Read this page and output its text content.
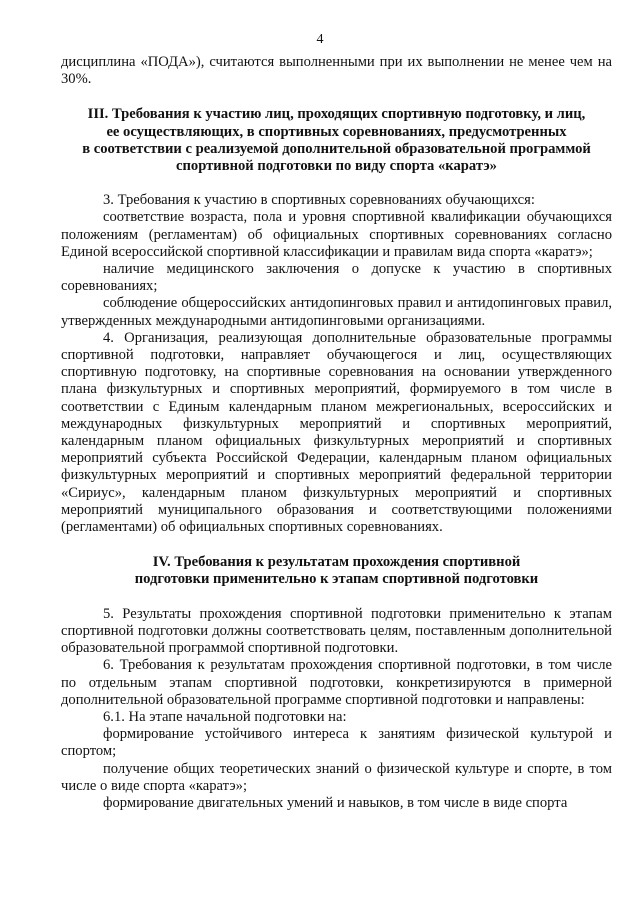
4

дисциплина «ПОДА»), считаются выполненными при их выполнении не менее чем на 30%.

III. Требования к участию лиц, проходящих спортивную подготовку, и лиц,
ее осуществляющих, в спортивных соревнованиях, предусмотренных
в соответствии с реализуемой дополнительной образовательной программой
спортивной подготовки по виду спорта «каратэ»

3. Требования к участию в спортивных соревнованиях обучающихся:

соответствие возраста, пола и уровня спортивной квалификации обучающихся положениям (регламентам) об официальных спортивных соревнованиях согласно Единой всероссийской спортивной классификации и правилам вида спорта «каратэ»;

наличие медицинского заключения о допуске к участию в спортивных соревнованиях;

соблюдение общероссийских антидопинговых правил и антидопинговых правил, утвержденных международными антидопинговыми организациями.

4. Организация, реализующая дополнительные образовательные программы спортивной подготовки, направляет обучающегося и лиц, осуществляющих спортивную подготовку, на спортивные соревнования на основании утвержденного плана физкультурных и спортивных мероприятий, формируемого в том числе в соответствии с Единым календарным планом межрегиональных, всероссийских и международных физкультурных мероприятий и спортивных мероприятий, календарным планом официальных физкультурных мероприятий и спортивных мероприятий субъекта Российской Федерации, календарным планом официальных физкультурных мероприятий и спортивных мероприятий федеральной территории «Сириус», календарным планом физкультурных мероприятий и спортивных мероприятий муниципального образования и соответствующими положениями (регламентами) об официальных спортивных соревнованиях.

IV. Требования к результатам прохождения спортивной
подготовки применительно к этапам спортивной подготовки

5. Результаты прохождения спортивной подготовки применительно к этапам спортивной подготовки должны соответствовать целям, поставленным дополнительной образовательной программой спортивной подготовки.

6. Требования к результатам прохождения спортивной подготовки, в том числе по отдельным этапам спортивной подготовки, конкретизируются в примерной дополнительной образовательной программе спортивной подготовки и направлены:

6.1. На этапе начальной подготовки на:

формирование устойчивого интереса к занятиям физической культурой и спортом;

получение общих теоретических знаний о физической культуре и спорте, в том числе о виде спорта «каратэ»;

формирование двигательных умений и навыков, в том числе в виде спорта
